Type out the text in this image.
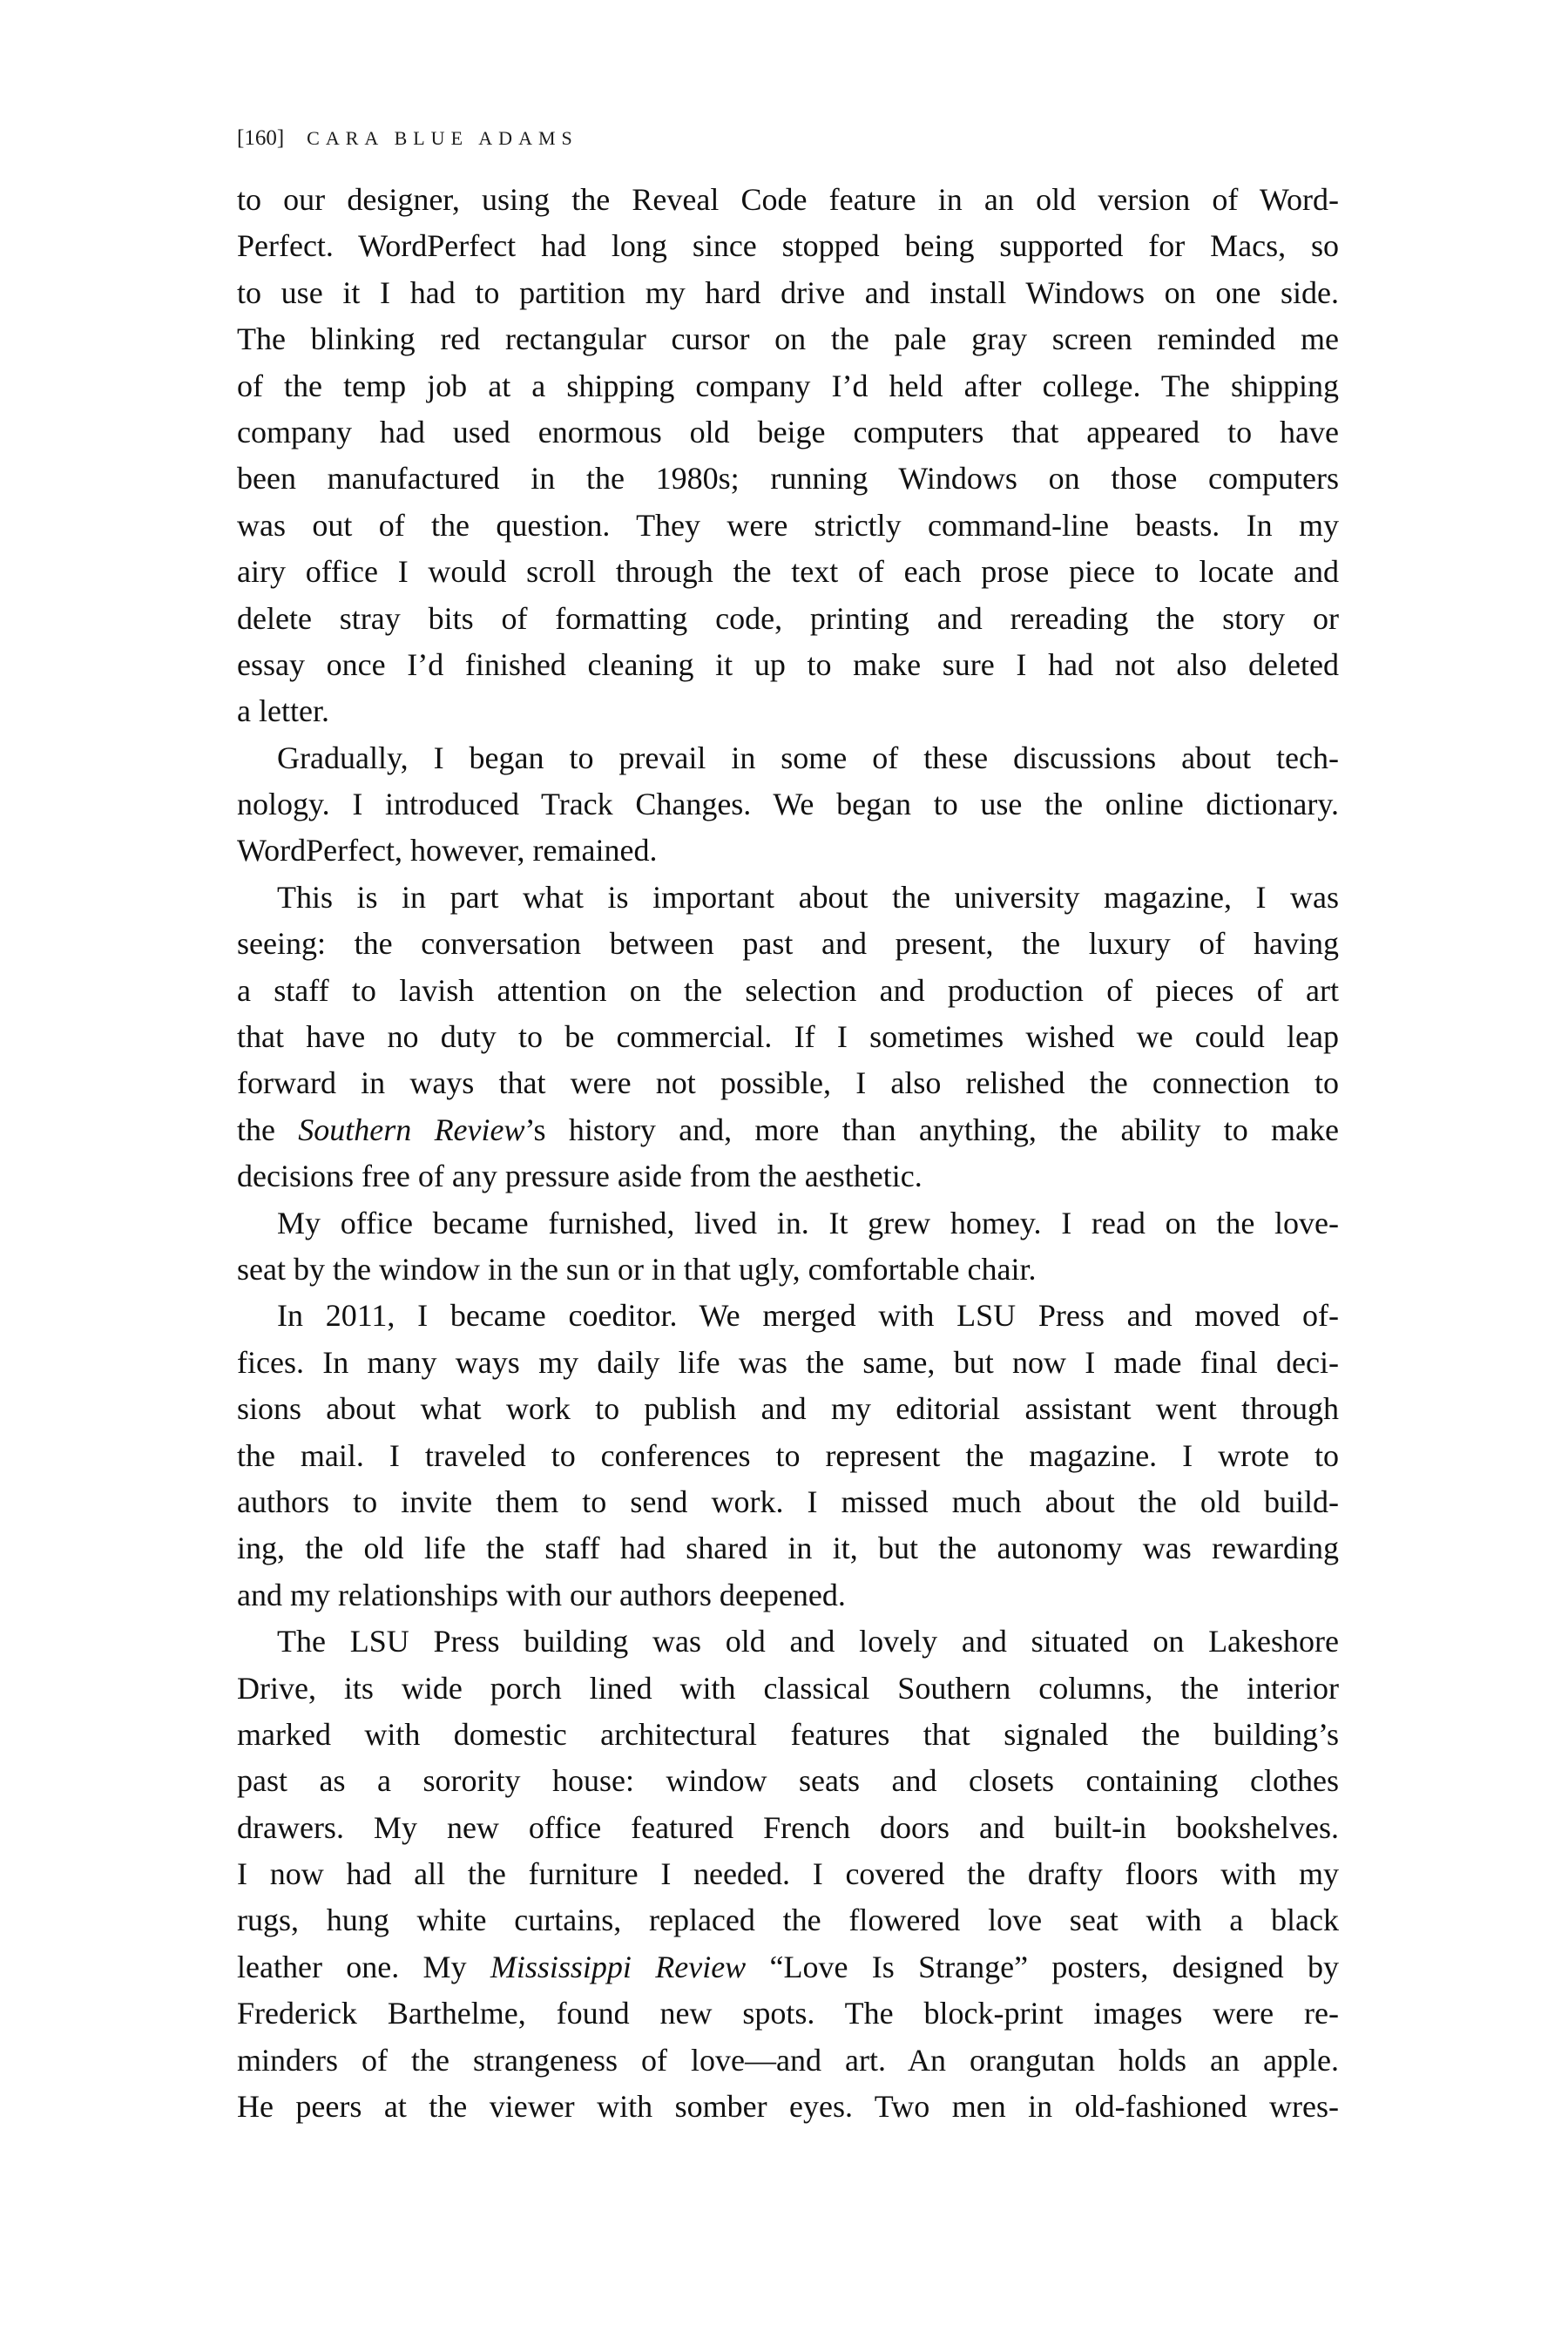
[160] CARA BLUE ADAMS
to our designer, using the Reveal Code feature in an old version of Word-
Perfect. WordPerfect had long since stopped being supported for Macs, so
to use it I had to partition my hard drive and install Windows on one side.
The blinking red rectangular cursor on the pale gray screen reminded me
of the temp job at a shipping company I’d held after college. The shipping
company had used enormous old beige computers that appeared to have
been manufactured in the 1980s; running Windows on those computers
was out of the question. They were strictly command-line beasts. In my
airy office I would scroll through the text of each prose piece to locate and
delete stray bits of formatting code, printing and rereading the story or
essay once I’d finished cleaning it up to make sure I had not also deleted
a letter.
Gradually, I began to prevail in some of these discussions about tech-
nology. I introduced Track Changes. We began to use the online dictionary.
WordPerfect, however, remained.
This is in part what is important about the university magazine, I was
seeing: the conversation between past and present, the luxury of having
a staff to lavish attention on the selection and production of pieces of art
that have no duty to be commercial. If I sometimes wished we could leap
forward in ways that were not possible, I also relished the connection to
the Southern Review’s history and, more than anything, the ability to make
decisions free of any pressure aside from the aesthetic.
My office became furnished, lived in. It grew homey. I read on the love-
seat by the window in the sun or in that ugly, comfortable chair.
In 2011, I became coeditor. We merged with LSU Press and moved of-
fices. In many ways my daily life was the same, but now I made final deci-
sions about what work to publish and my editorial assistant went through
the mail. I traveled to conferences to represent the magazine. I wrote to
authors to invite them to send work. I missed much about the old build-
ing, the old life the staff had shared in it, but the autonomy was rewarding
and my relationships with our authors deepened.
The LSU Press building was old and lovely and situated on Lakeshore
Drive, its wide porch lined with classical Southern columns, the interior
marked with domestic architectural features that signaled the building’s
past as a sorority house: window seats and closets containing clothes
drawers. My new office featured French doors and built-in bookshelves.
I now had all the furniture I needed. I covered the drafty floors with my
rugs, hung white curtains, replaced the flowered love seat with a black
leather one. My Mississippi Review “Love Is Strange” posters, designed by
Frederick Barthelme, found new spots. The block-print images were re-
minders of the strangeness of love—and art. An orangutan holds an apple.
He peers at the viewer with somber eyes. Two men in old-fashioned wres-
